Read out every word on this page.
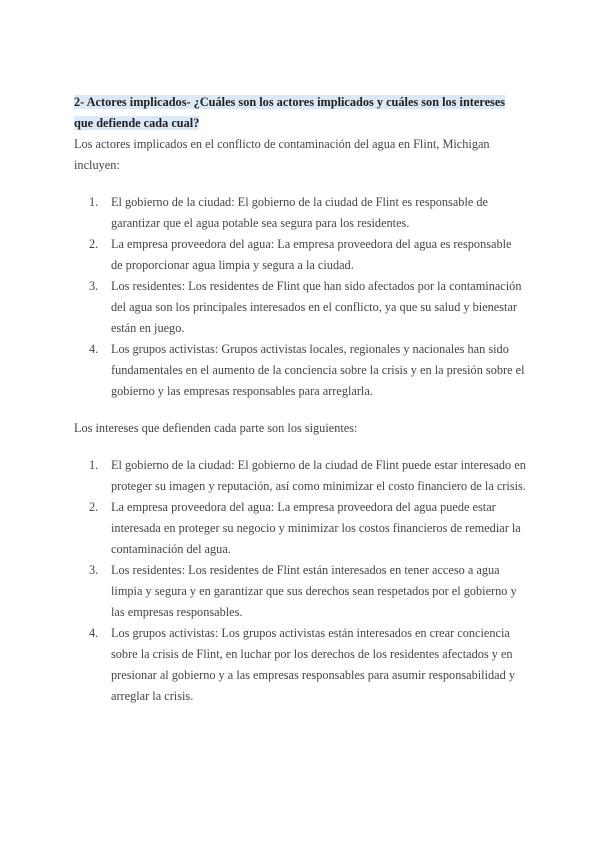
2- Actores implicados- ¿Cuáles son los actores implicados y cuáles son los intereses que defiende cada cual?

Los actores implicados en el conflicto de contaminación del agua en Flint, Michigan incluyen:

1. El gobierno de la ciudad: El gobierno de la ciudad de Flint es responsable de garantizar que el agua potable sea segura para los residentes.
2. La empresa proveedora del agua: La empresa proveedora del agua es responsable de proporcionar agua limpia y segura a la ciudad.
3. Los residentes: Los residentes de Flint que han sido afectados por la contaminación del agua son los principales interesados en el conflicto, ya que su salud y bienestar están en juego.
4. Los grupos activistas: Grupos activistas locales, regionales y nacionales han sido fundamentales en el aumento de la conciencia sobre la crisis y en la presión sobre el gobierno y las empresas responsables para arreglarla.

Los intereses que defienden cada parte son los siguientes:

1. El gobierno de la ciudad: El gobierno de la ciudad de Flint puede estar interesado en proteger su imagen y reputación, así como minimizar el costo financiero de la crisis.
2. La empresa proveedora del agua: La empresa proveedora del agua puede estar interesada en proteger su negocio y minimizar los costos financieros de remediar la contaminación del agua.
3. Los residentes: Los residentes de Flint están interesados en tener acceso a agua limpia y segura y en garantizar que sus derechos sean respetados por el gobierno y las empresas responsables.
4. Los grupos activistas: Los grupos activistas están interesados en crear conciencia sobre la crisis de Flint, en luchar por los derechos de los residentes afectados y en presionar al gobierno y a las empresas responsables para asumir responsabilidad y arreglar la crisis.
